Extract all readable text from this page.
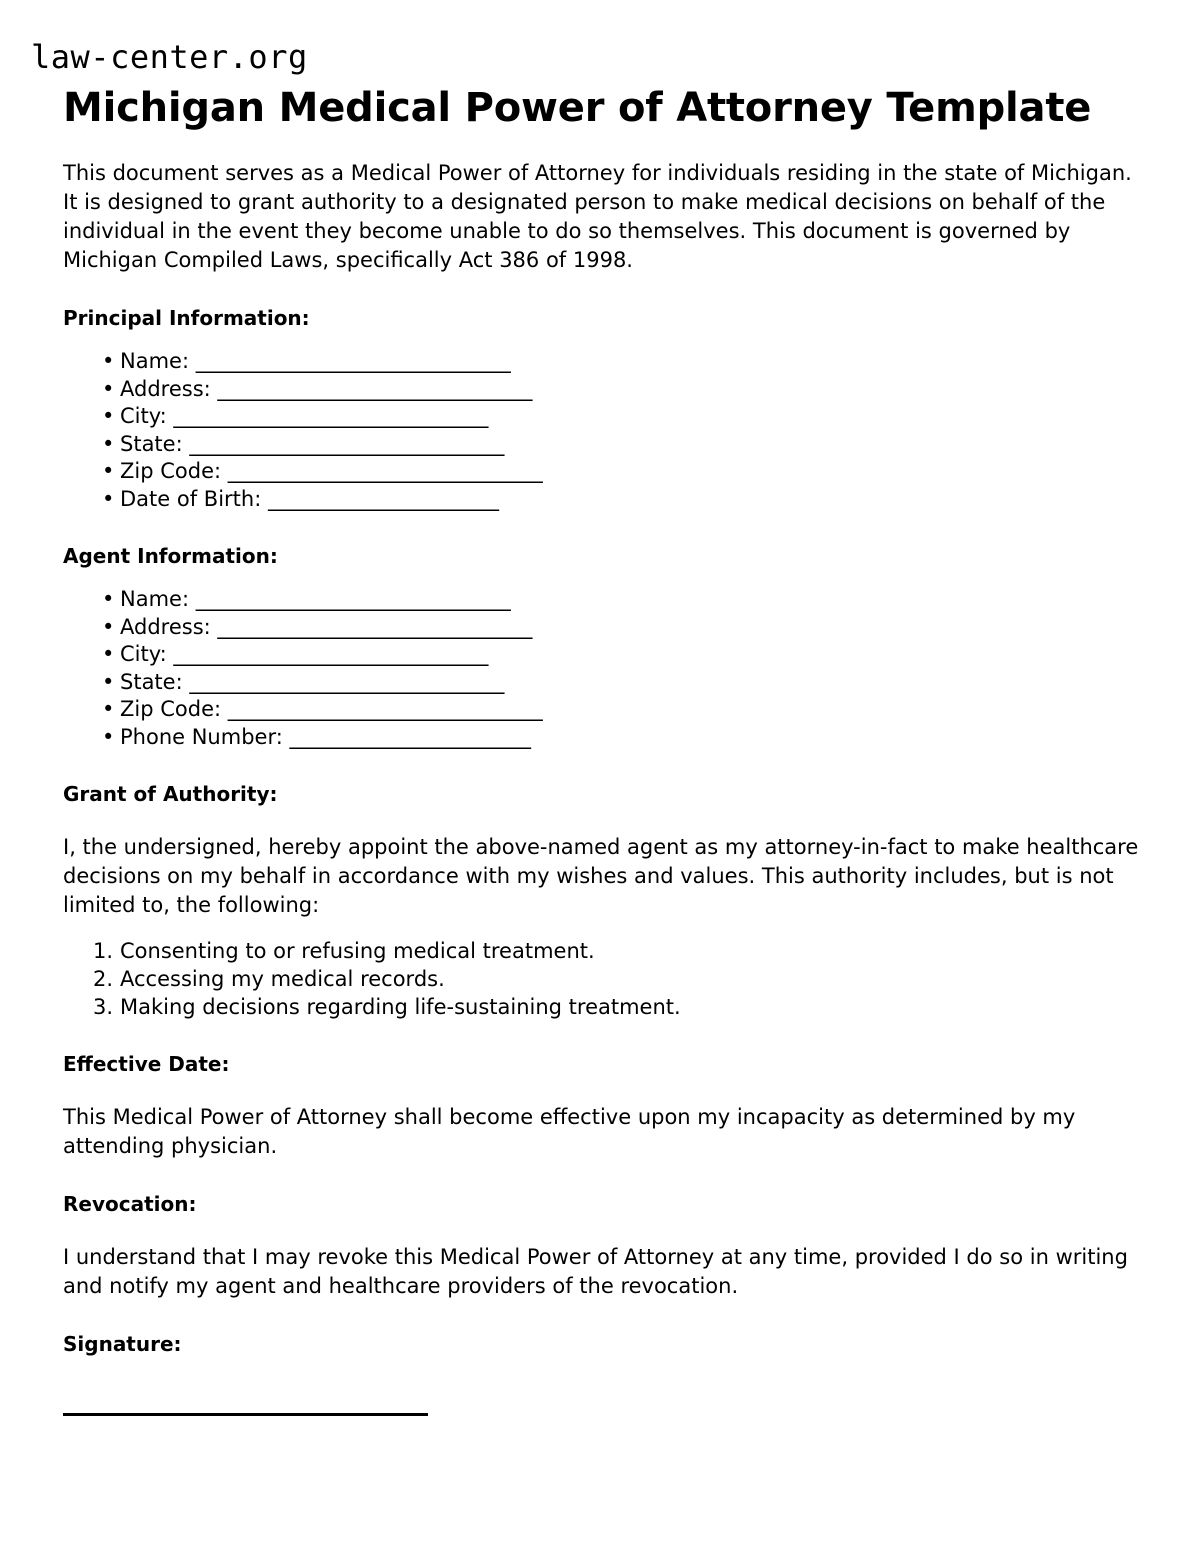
law-center.org
Michigan Medical Power of Attorney Template

This document serves as a Medical Power of Attorney for individuals residing in the state of Michigan. It is designed to grant authority to a designated person to make medical decisions on behalf of the individual in the event they become unable to do so themselves. This document is governed by Michigan Compiled Laws, specifically Act 386 of 1998.

Principal Information:
• Name: ______________________________
• Address: ______________________________
• City: ______________________________
• State: ______________________________
• Zip Code: ______________________________
• Date of Birth: ______________________
Agent Information:
• Name: ______________________________
• Address: ______________________________
• City: ______________________________
• State: ______________________________
• Zip Code: ______________________________
• Phone Number: _______________________
Grant of Authority:

I, the undersigned, hereby appoint the above-named agent as my attorney-in-fact to make healthcare decisions on my behalf in accordance with my wishes and values. This authority includes, but is not limited to, the following:

Consenting to or refusing medical treatment.
Accessing my medical records.
Making decisions regarding life-sustaining treatment.
Effective Date:

This Medical Power of Attorney shall become effective upon my incapacity as determined by my attending physician.

Revocation:

I understand that I may revoke this Medical Power of Attorney at any time, provided I do so in writing and notify my agent and healthcare providers of the revocation.

Signature:
